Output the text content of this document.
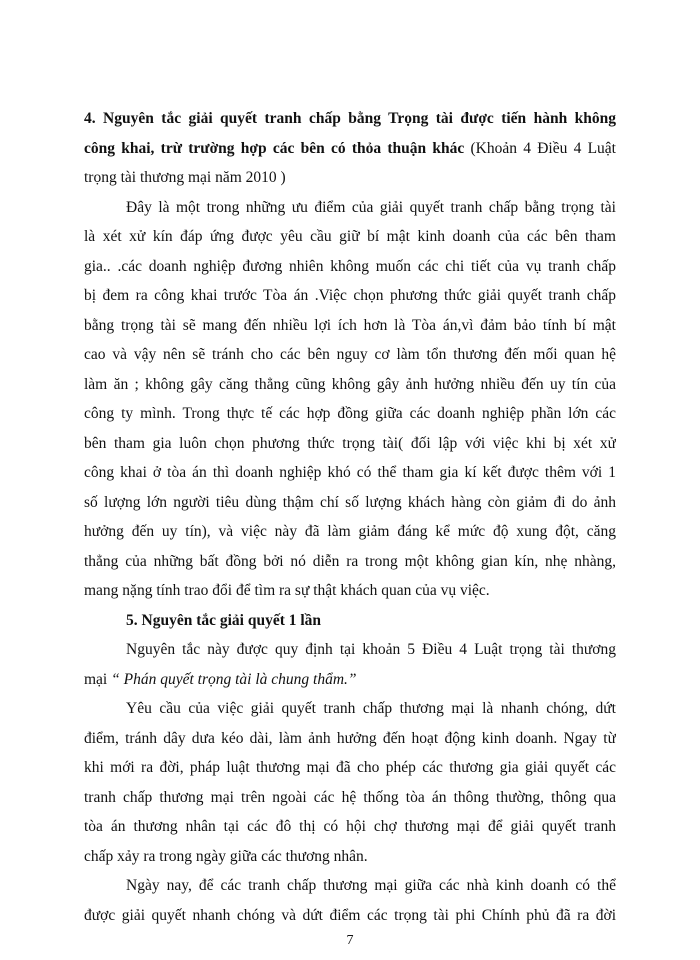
4. Nguyên tắc giải quyết tranh chấp bằng Trọng tài được tiến hành không
công khai, trừ trường hợp các bên có thỏa thuận khác (Khoản 4 Điều 4 Luật
trọng tài thương mại năm 2010 )
Đây là một trong những ưu điểm của giải quyết tranh chấp bằng trọng tài
là xét xử kín đáp ứng được yêu cầu giữ bí mật kinh doanh của các bên tham
gia.. .các doanh nghiệp đương nhiên không muốn các chi tiết của vụ tranh chấp
bị đem ra công khai trước Tòa án .Việc chọn phương thức giải quyết tranh chấp
bằng trọng tài sẽ mang đến nhiều lợi ích hơn là Tòa án,vì đảm bảo tính bí mật
cao và vậy nên sẽ tránh cho các bên nguy cơ làm tổn thương đến mối quan hệ
làm ăn ; không gây căng thẳng cũng không gây ảnh hưởng nhiều đến uy tín của
công ty mình. Trong thực tế các hợp đồng giữa các doanh nghiệp phần lớn các
bên tham gia luôn chọn phương thức trọng tài( đối lập với việc khi bị xét xử
công khai ở tòa án thì doanh nghiệp khó có thể tham gia kí kết được thêm với 1
số lượng lớn người tiêu dùng thậm chí số lượng khách hàng còn giảm đi do ảnh
hưởng đến uy tín), và việc này đã làm giảm đáng kể mức độ xung đột, căng
thẳng của những bất đồng bởi nó diễn ra trong một không gian kín, nhẹ nhàng,
mang nặng tính trao đổi để tìm ra sự thật khách quan của vụ việc.
5. Nguyên tắc giải quyết 1 lần
Nguyên tắc này được quy định tại khoản 5 Điều 4 Luật trọng tài thương
mại “ Phán quyết trọng tài là chung thẩm.”
Yêu cầu của việc giải quyết tranh chấp thương mại là nhanh chóng, dứt
điểm, tránh dây dưa kéo dài, làm ảnh hưởng đến hoạt động kinh doanh. Ngay từ
khi mới ra đời, pháp luật thương mại đã cho phép các thương gia giải quyết các
tranh chấp thương mại trên ngoài các hệ thống tòa án thông thường, thông qua
tòa án thương nhân tại các đô thị có hội chợ thương mại để giải quyết tranh
chấp xảy ra trong ngày giữa các thương nhân.
Ngày nay, để các tranh chấp thương mại giữa các nhà kinh doanh có thể
được giải quyết nhanh chóng và dứt điểm các trọng tài phi Chính phủ đã ra đời
7
